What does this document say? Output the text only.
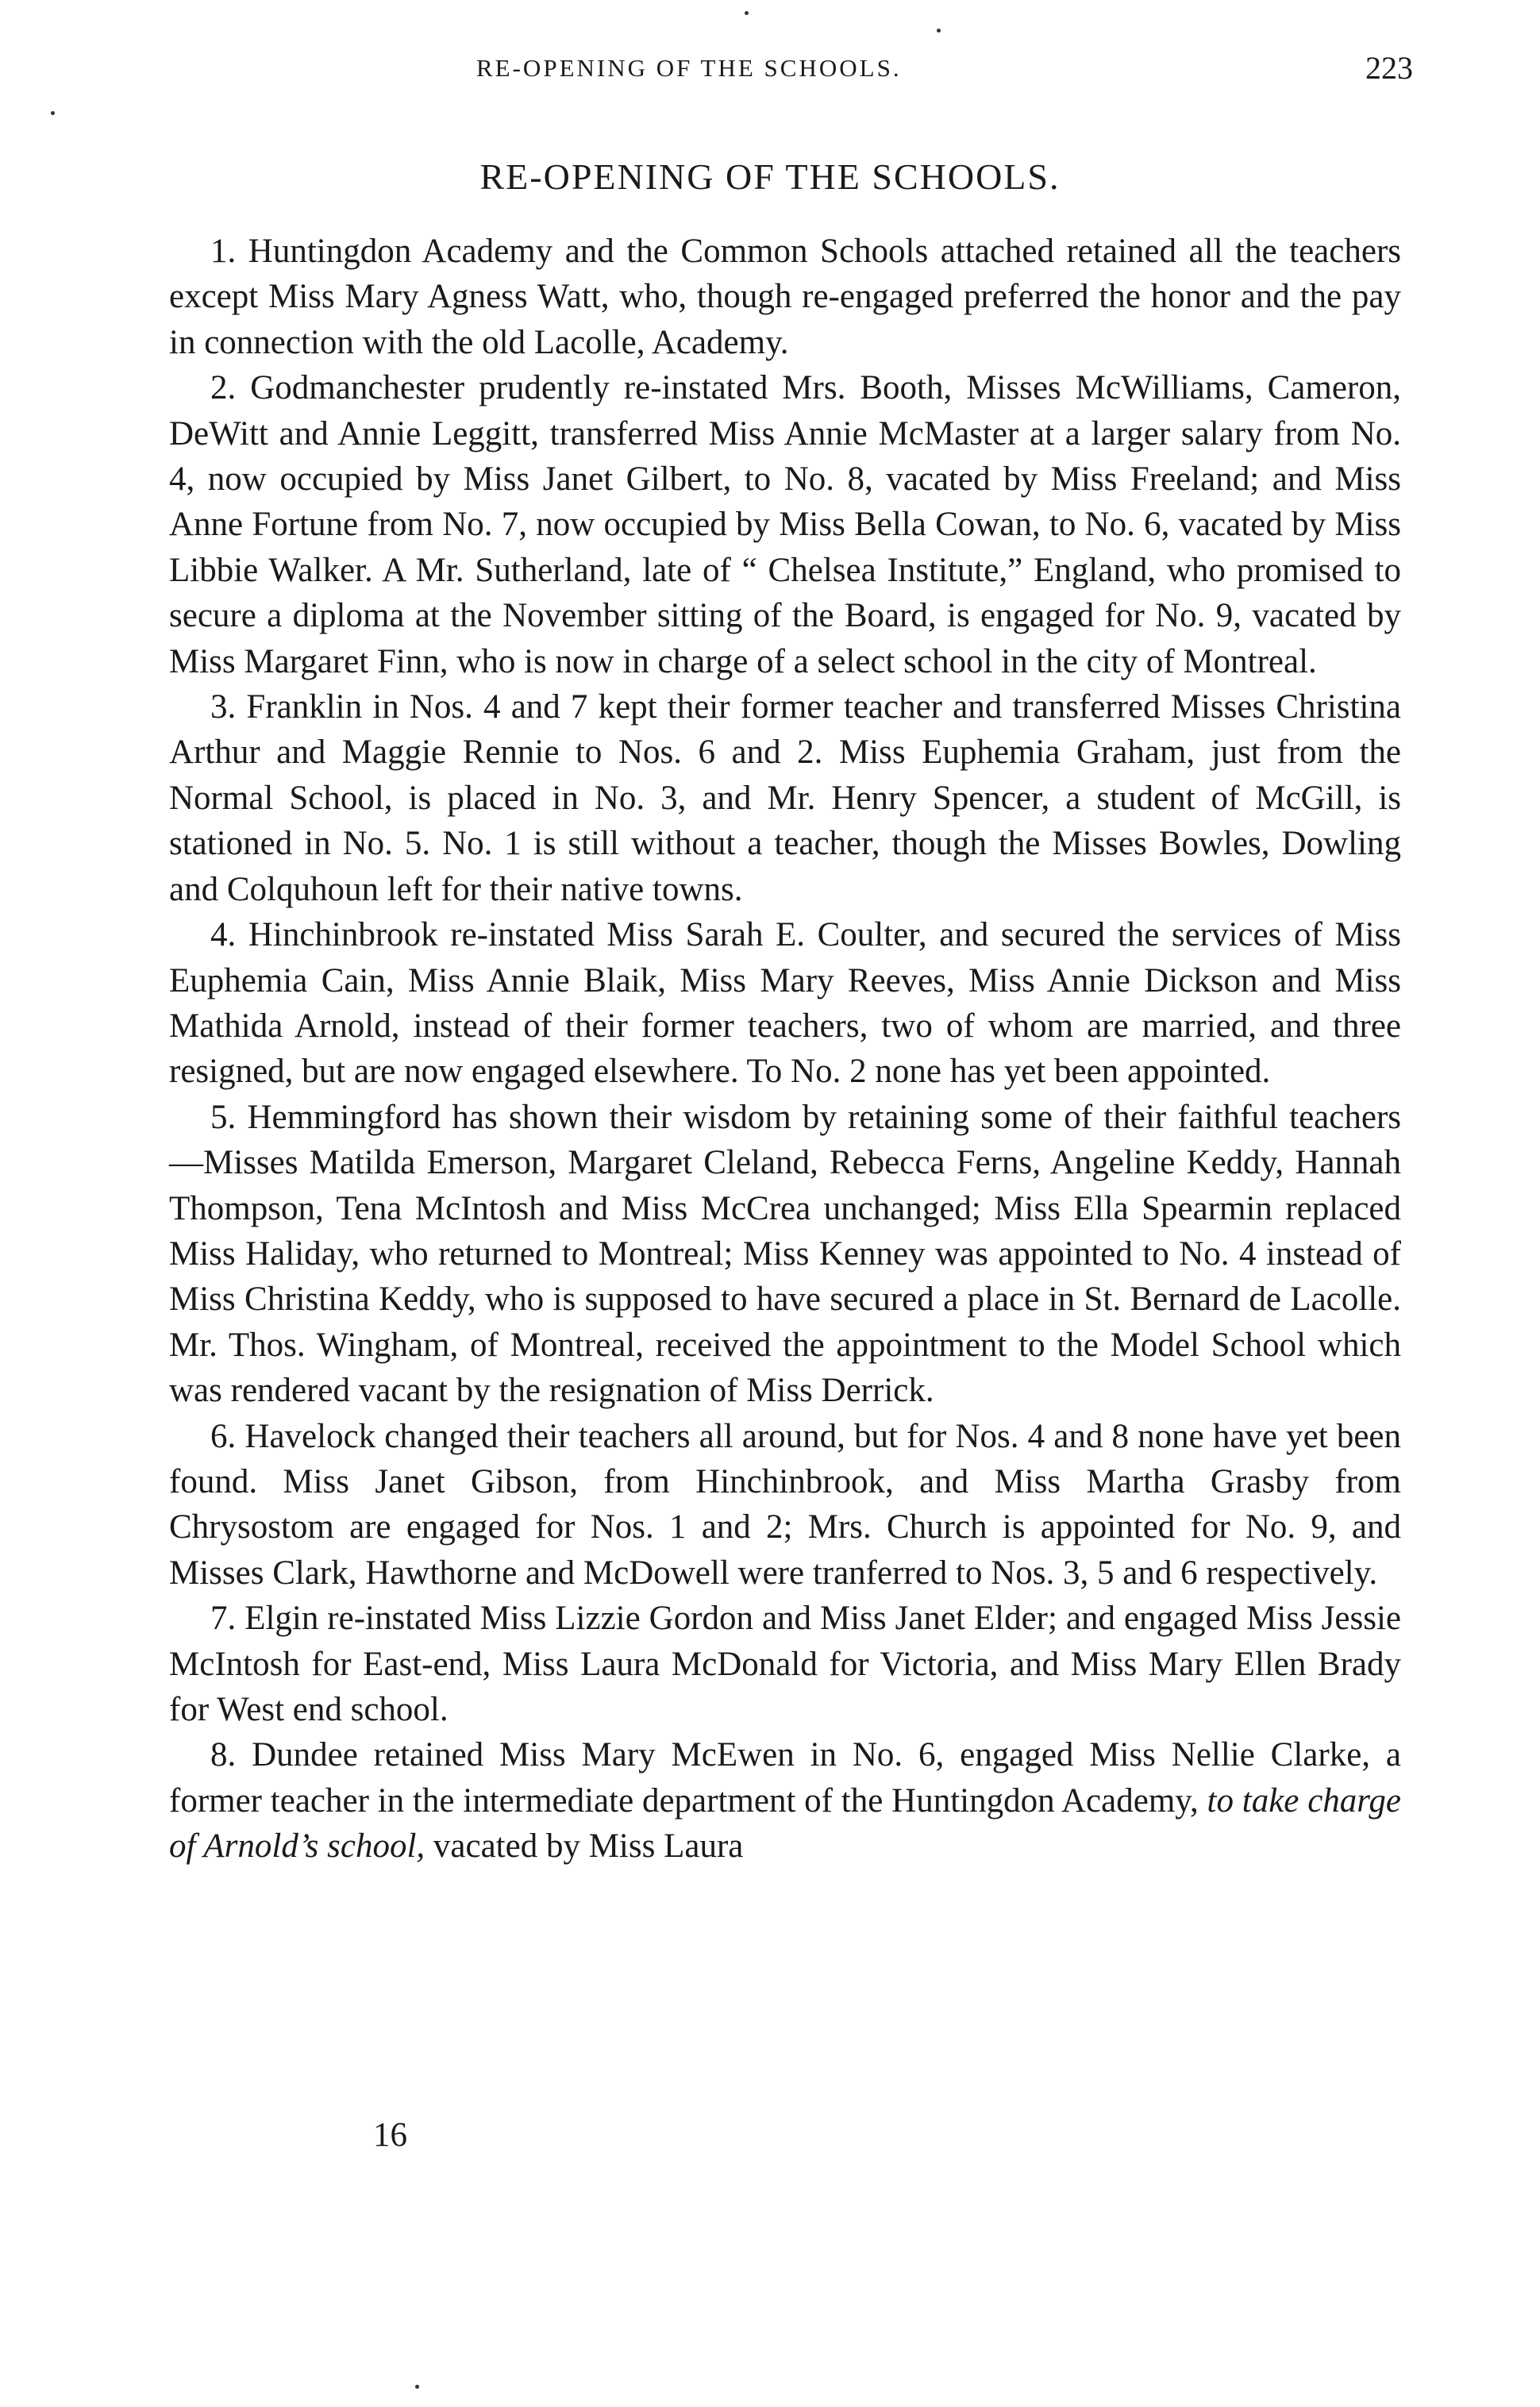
RE-OPENING OF THE SCHOOLS.	223
RE-OPENING OF THE SCHOOLS.

1. Huntingdon Academy and the Common Schools attached retained all the teachers except Miss Mary Agness Watt, who, though re-engaged preferred the honor and the pay in connection with the old Lacolle, Academy.

2. Godmanchester prudently re-instated Mrs. Booth, Misses McWilliams, Cameron, DeWitt and Annie Leggitt, transferred Miss Annie McMaster at a larger salary from No. 4, now occupied by Miss Janet Gilbert, to No. 8, vacated by Miss Freeland; and Miss Anne Fortune from No. 7, now occupied by Miss Bella Cowan, to No. 6, vacated by Miss Libbie Walker. A Mr. Sutherland, late of “ Chelsea Institute,” England, who promised to secure a diploma at the November sitting of the Board, is engaged for No. 9, vacated by Miss Margaret Finn, who is now in charge of a select school in the city of Montreal.

3. Franklin in Nos. 4 and 7 kept their former teacher and transferred Misses Christina Arthur and Maggie Rennie to Nos. 6 and 2. Miss Euphemia Graham, just from the Normal School, is placed in No. 3, and Mr. Henry Spencer, a student of McGill, is stationed in No. 5. No. 1 is still without a teacher, though the Misses Bowles, Dowling and Colquhoun left for their native towns.

4. Hinchinbrook re-instated Miss Sarah E. Coulter, and secured the services of Miss Euphemia Cain, Miss Annie Blaik, Miss Mary Reeves, Miss Annie Dickson and Miss Mathida Arnold, instead of their former teachers, two of whom are married, and three resigned, but are now engaged elsewhere. To No. 2 none has yet been appointed.

5. Hemmingford has shown their wisdom by retaining some of their faithful teachers—Misses Matilda Emerson, Margaret Cleland, Rebecca Ferns, Angeline Keddy, Hannah Thompson, Tena McIntosh and Miss McCrea unchanged; Miss Ella Spearmin replaced Miss Haliday, who returned to Montreal; Miss Kenney was appointed to No. 4 instead of Miss Christina Keddy, who is supposed to have secured a place in St. Bernard de Lacolle. Mr. Thos. Wingham, of Montreal, received the appointment to the Model School which was rendered vacant by the resignation of Miss Derrick.

6. Havelock changed their teachers all around, but for Nos. 4 and 8 none have yet been found. Miss Janet Gibson, from Hinchinbrook, and Miss Martha Grasby from Chrysostom are engaged for Nos. 1 and 2; Mrs. Church is appointed for No. 9, and Misses Clark, Hawthorne and McDowell were tranferred to Nos. 3, 5 and 6 respectively.

7. Elgin re-instated Miss Lizzie Gordon and Miss Janet Elder; and engaged Miss Jessie McIntosh for East-end, Miss Laura McDonald for Victoria, and Miss Mary Ellen Brady for West end school.

8. Dundee retained Miss Mary McEwen in No. 6, engaged Miss Nellie Clarke, a former teacher in the intermediate department of the Huntingdon Academy, to take charge of Arnold’s school, vacated by Miss Laura

16
